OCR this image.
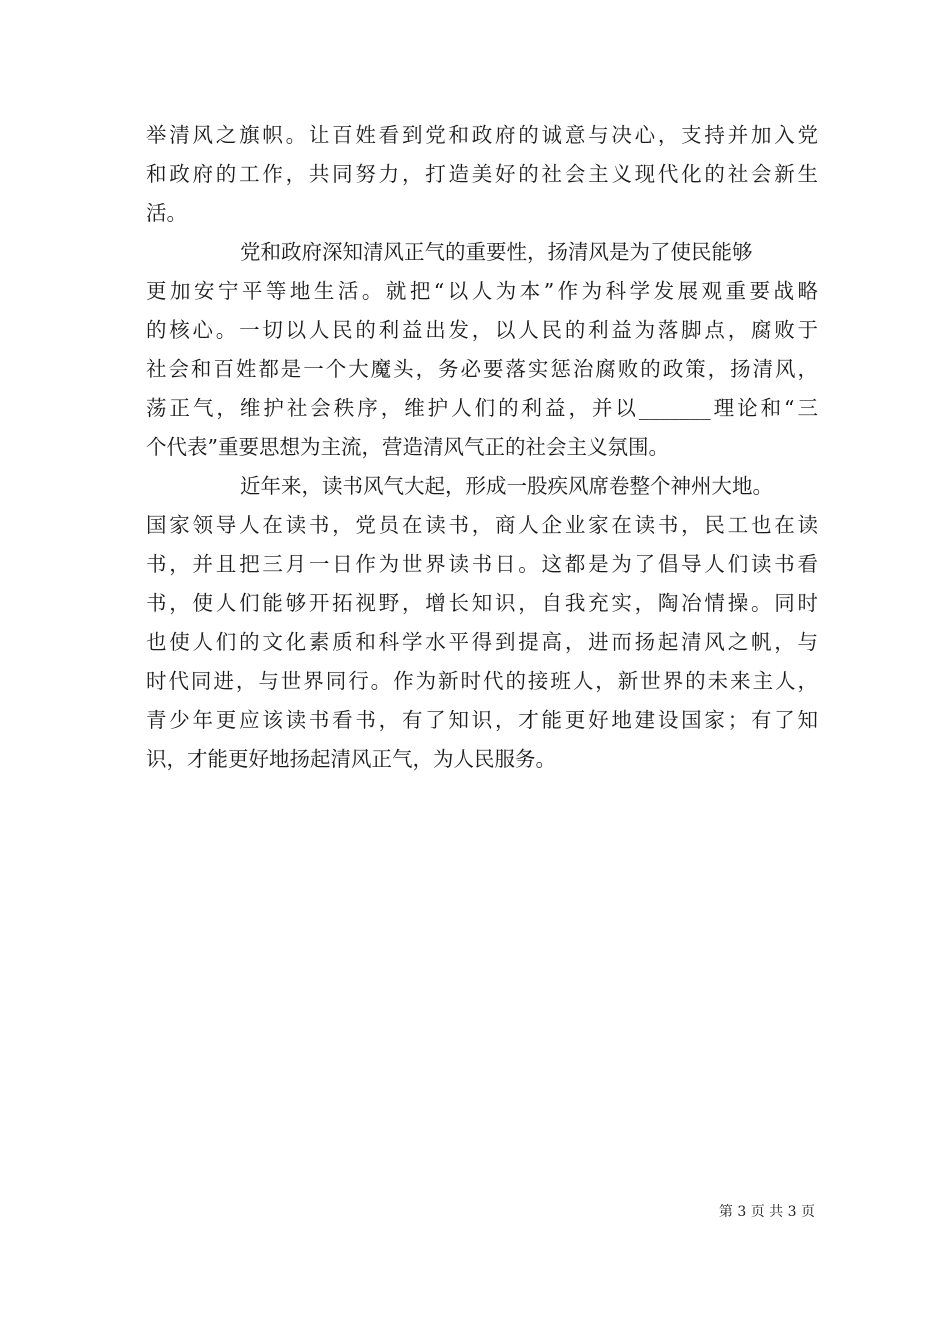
举清风之旗帜。让百姓看到党和政府的诚意与决心，支持并加入党
和政府的工作，共同努力，打造美好的社会主义现代化的社会新生
活。
党和政府深知清风正气的重要性，扬清风是为了使民能够
更加安宁平等地生活。就把“以人为本”作为科学发展观重要战略
的核心。一切以人民的利益出发，以人民的利益为落脚点，腐败于
社会和百姓都是一个大魔头，务必要落实惩治腐败的政策，扬清风，
荡正气，维护社会秩序，维护人们的利益，并以_______理论和“三
个代表”重要思想为主流，营造清风气正的社会主义氛围。
近年来，读书风气大起，形成一股疾风席卷整个神州大地。
国家领导人在读书，党员在读书，商人企业家在读书，民工也在读
书，并且把三月一日作为世界读书日。这都是为了倡导人们读书看
书，使人们能够开拓视野，增长知识，自我充实，陶冶情操。同时
也使人们的文化素质和科学水平得到提高，进而扬起清风之帆，与
时代同进，与世界同行。作为新时代的接班人，新世界的未来主人，
青少年更应该读书看书，有了知识，才能更好地建设国家；有了知
识，才能更好地扬起清风正气，为人民服务。
第 3 页 共 3 页
